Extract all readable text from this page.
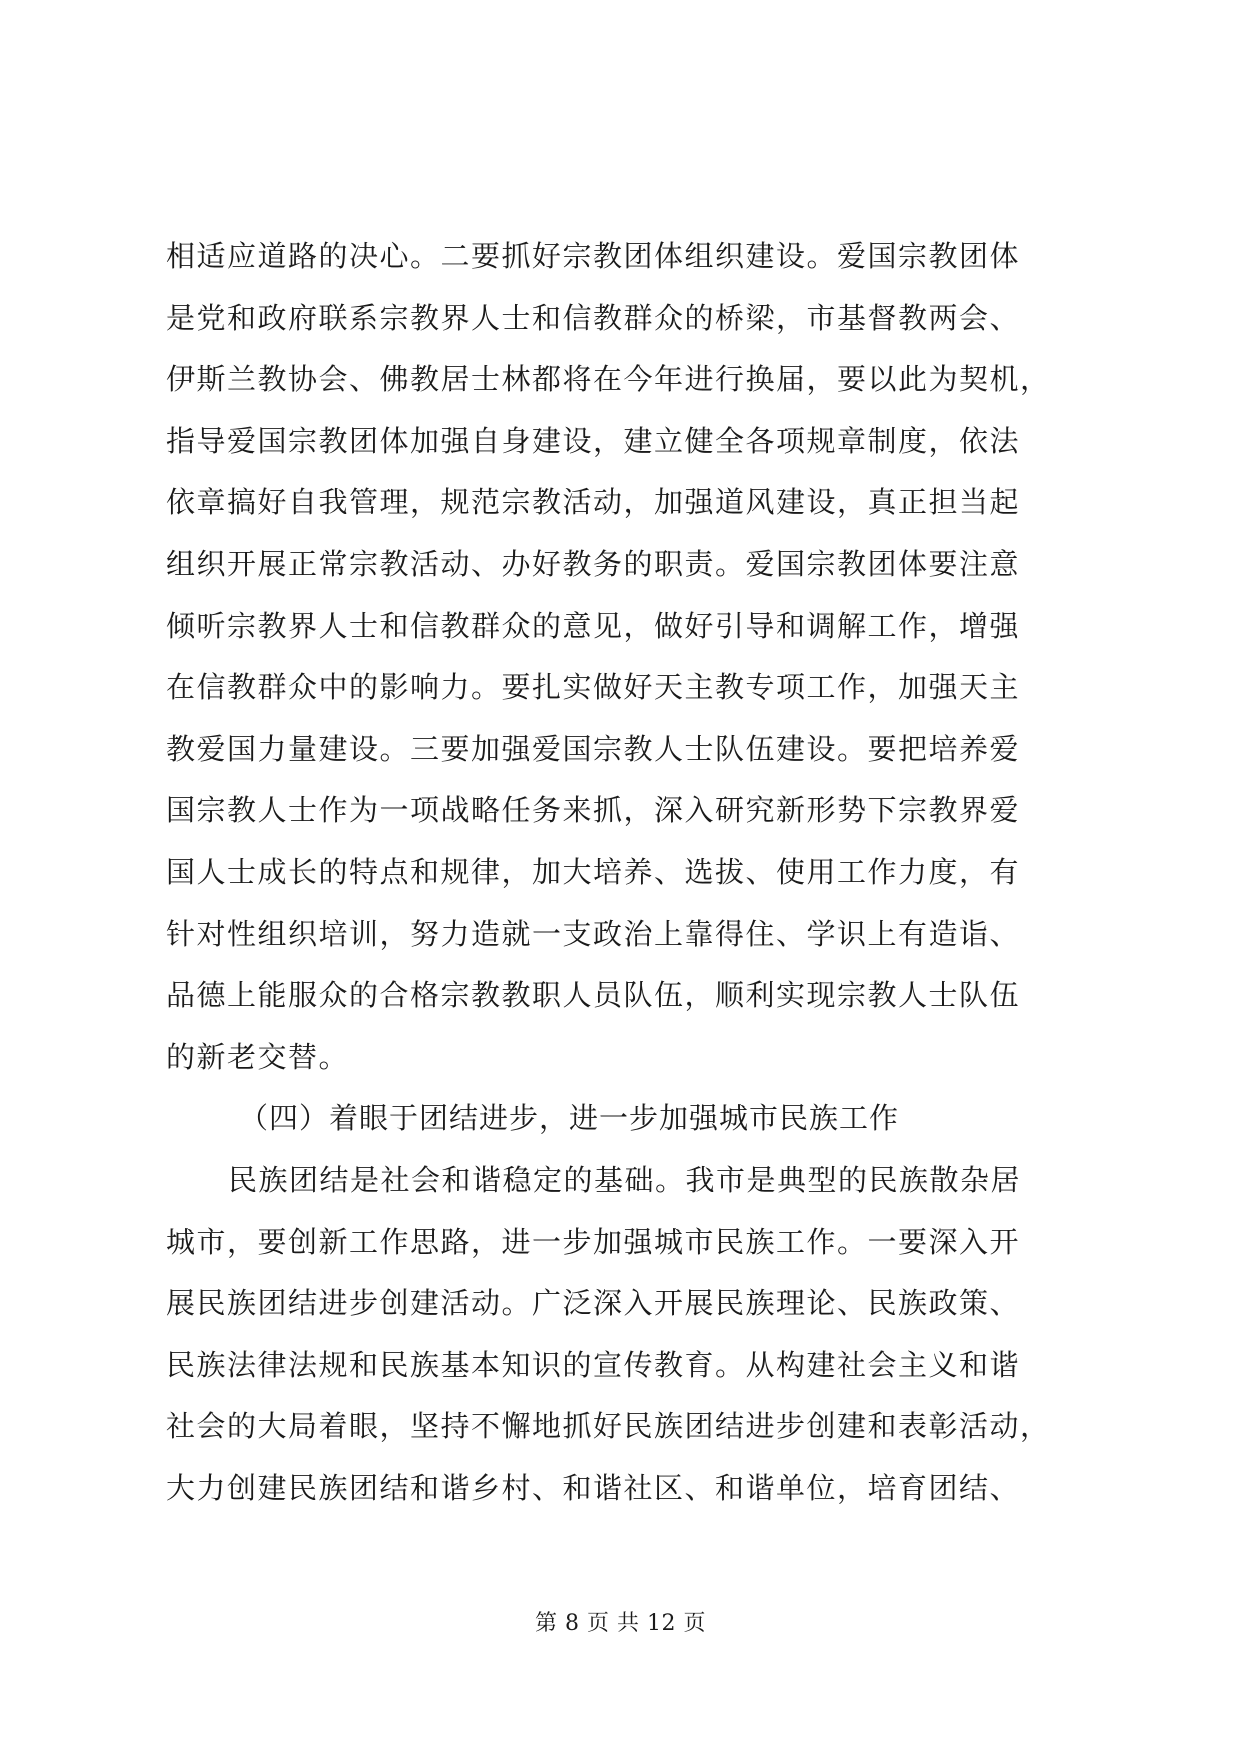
相适应道路的决心。二要抓好宗教团体组织建设。爱国宗教团体
是党和政府联系宗教界人士和信教群众的桥梁，市基督教两会、
伊斯兰教协会、佛教居士林都将在今年进行换届，要以此为契机，
指导爱国宗教团体加强自身建设，建立健全各项规章制度，依法
依章搞好自我管理，规范宗教活动，加强道风建设，真正担当起
组织开展正常宗教活动、办好教务的职责。爱国宗教团体要注意
倾听宗教界人士和信教群众的意见，做好引导和调解工作，增强
在信教群众中的影响力。要扎实做好天主教专项工作，加强天主
教爱国力量建设。三要加强爱国宗教人士队伍建设。要把培养爱
国宗教人士作为一项战略任务来抓，深入研究新形势下宗教界爱
国人士成长的特点和规律，加大培养、选拔、使用工作力度，有
针对性组织培训，努力造就一支政治上靠得住、学识上有造诣、
品德上能服众的合格宗教教职人员队伍，顺利实现宗教人士队伍
的新老交替。
（四）着眼于团结进步，进一步加强城市民族工作
民族团结是社会和谐稳定的基础。我市是典型的民族散杂居
城市，要创新工作思路，进一步加强城市民族工作。一要深入开
展民族团结进步创建活动。广泛深入开展民族理论、民族政策、
民族法律法规和民族基本知识的宣传教育。从构建社会主义和谐
社会的大局着眼，坚持不懈地抓好民族团结进步创建和表彰活动，
大力创建民族团结和谐乡村、和谐社区、和谐单位，培育团结、
第 8 页 共 12 页
